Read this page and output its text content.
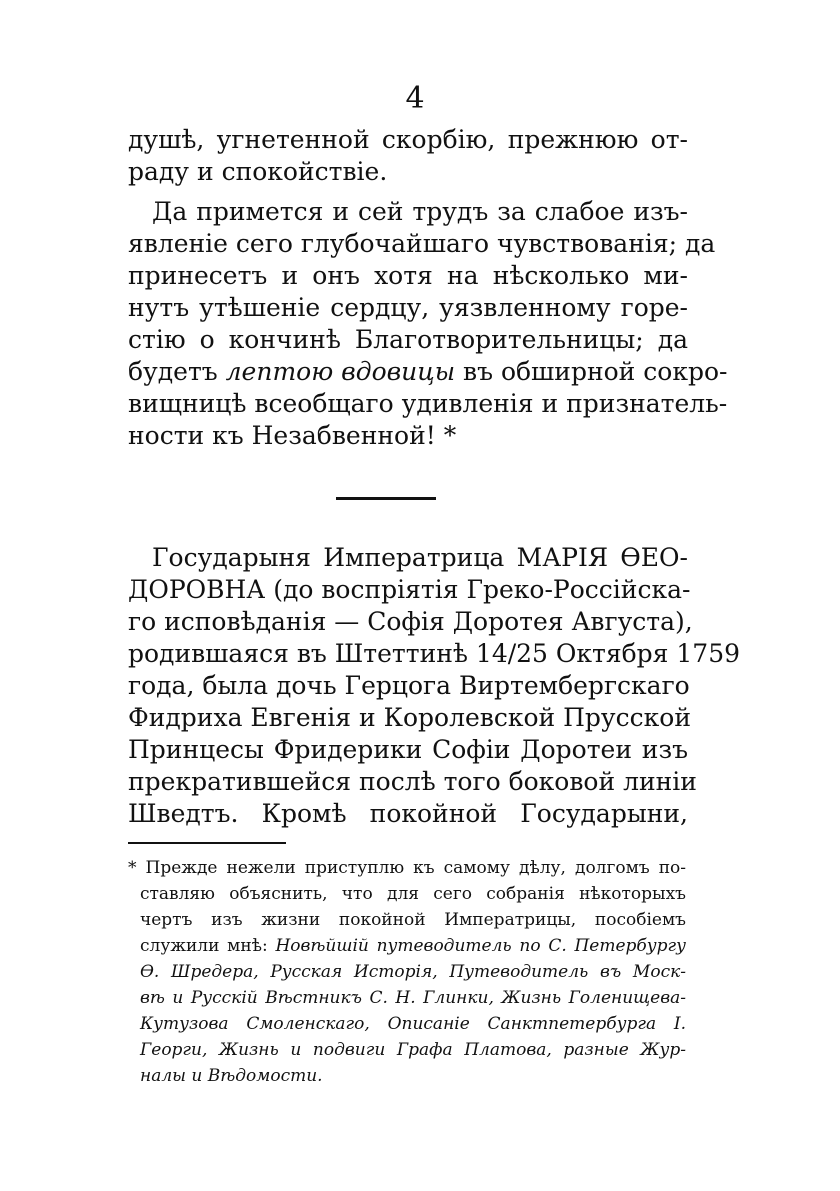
4
душѣ, угнетенной скорбію, прежнюю от-
раду и спокойствіе.
Да примется и сей трудъ за слабое изъ-
явленіе сего глубочайшаго чувствованія; да
принесетъ и онъ хотя на нѣсколько ми-
нутъ утѣшеніе сердцу, уязвленному горе-
стію о кончинѣ Благотворительницы; да
будетъ лептою вдовицы въ обширной сокро-
вищницѣ всеобщаго удивленія и признатель-
ности къ Незабвенной! *
Государыня Императрица МАРІЯ ѲЕО-
ДОРОВНА (до воспріятія Греко-Россійска-
го исповѣданія — Софія Доротея Августа),
родившаяся въ Штеттинѣ 14/25 Октября 1759
года, была дочь Герцога Виртембергскаго
Фидриха Евгенія и Королевской Прусской
Принцесы Фридерики Софіи Доротеи изъ
прекратившейся послѣ того боковой линіи
Шведтъ. Кромѣ покойной Государыни,
* Прежде нежели приступлю къ самому дѣлу, долгомъ по-
ставляю объяснить, что для сего собранія нѣкоторыхъ
чертъ изъ жизни покойной Императрицы, пособіемъ
служили мнѣ: Новѣйшій путеводитель по С. Петербургу
Ѳ. Шредера, Русская Исторія, Путеводитель въ Моск-
вѣ и Русскій Вѣстникъ С. Н. Глинки, Жизнь Голенищева-
Кутузова Смоленскаго, Описаніе Санктпетербурга I.
Георги, Жизнь и подвиги Графа Платова, разные Жур-
налы и Вѣдомости.
